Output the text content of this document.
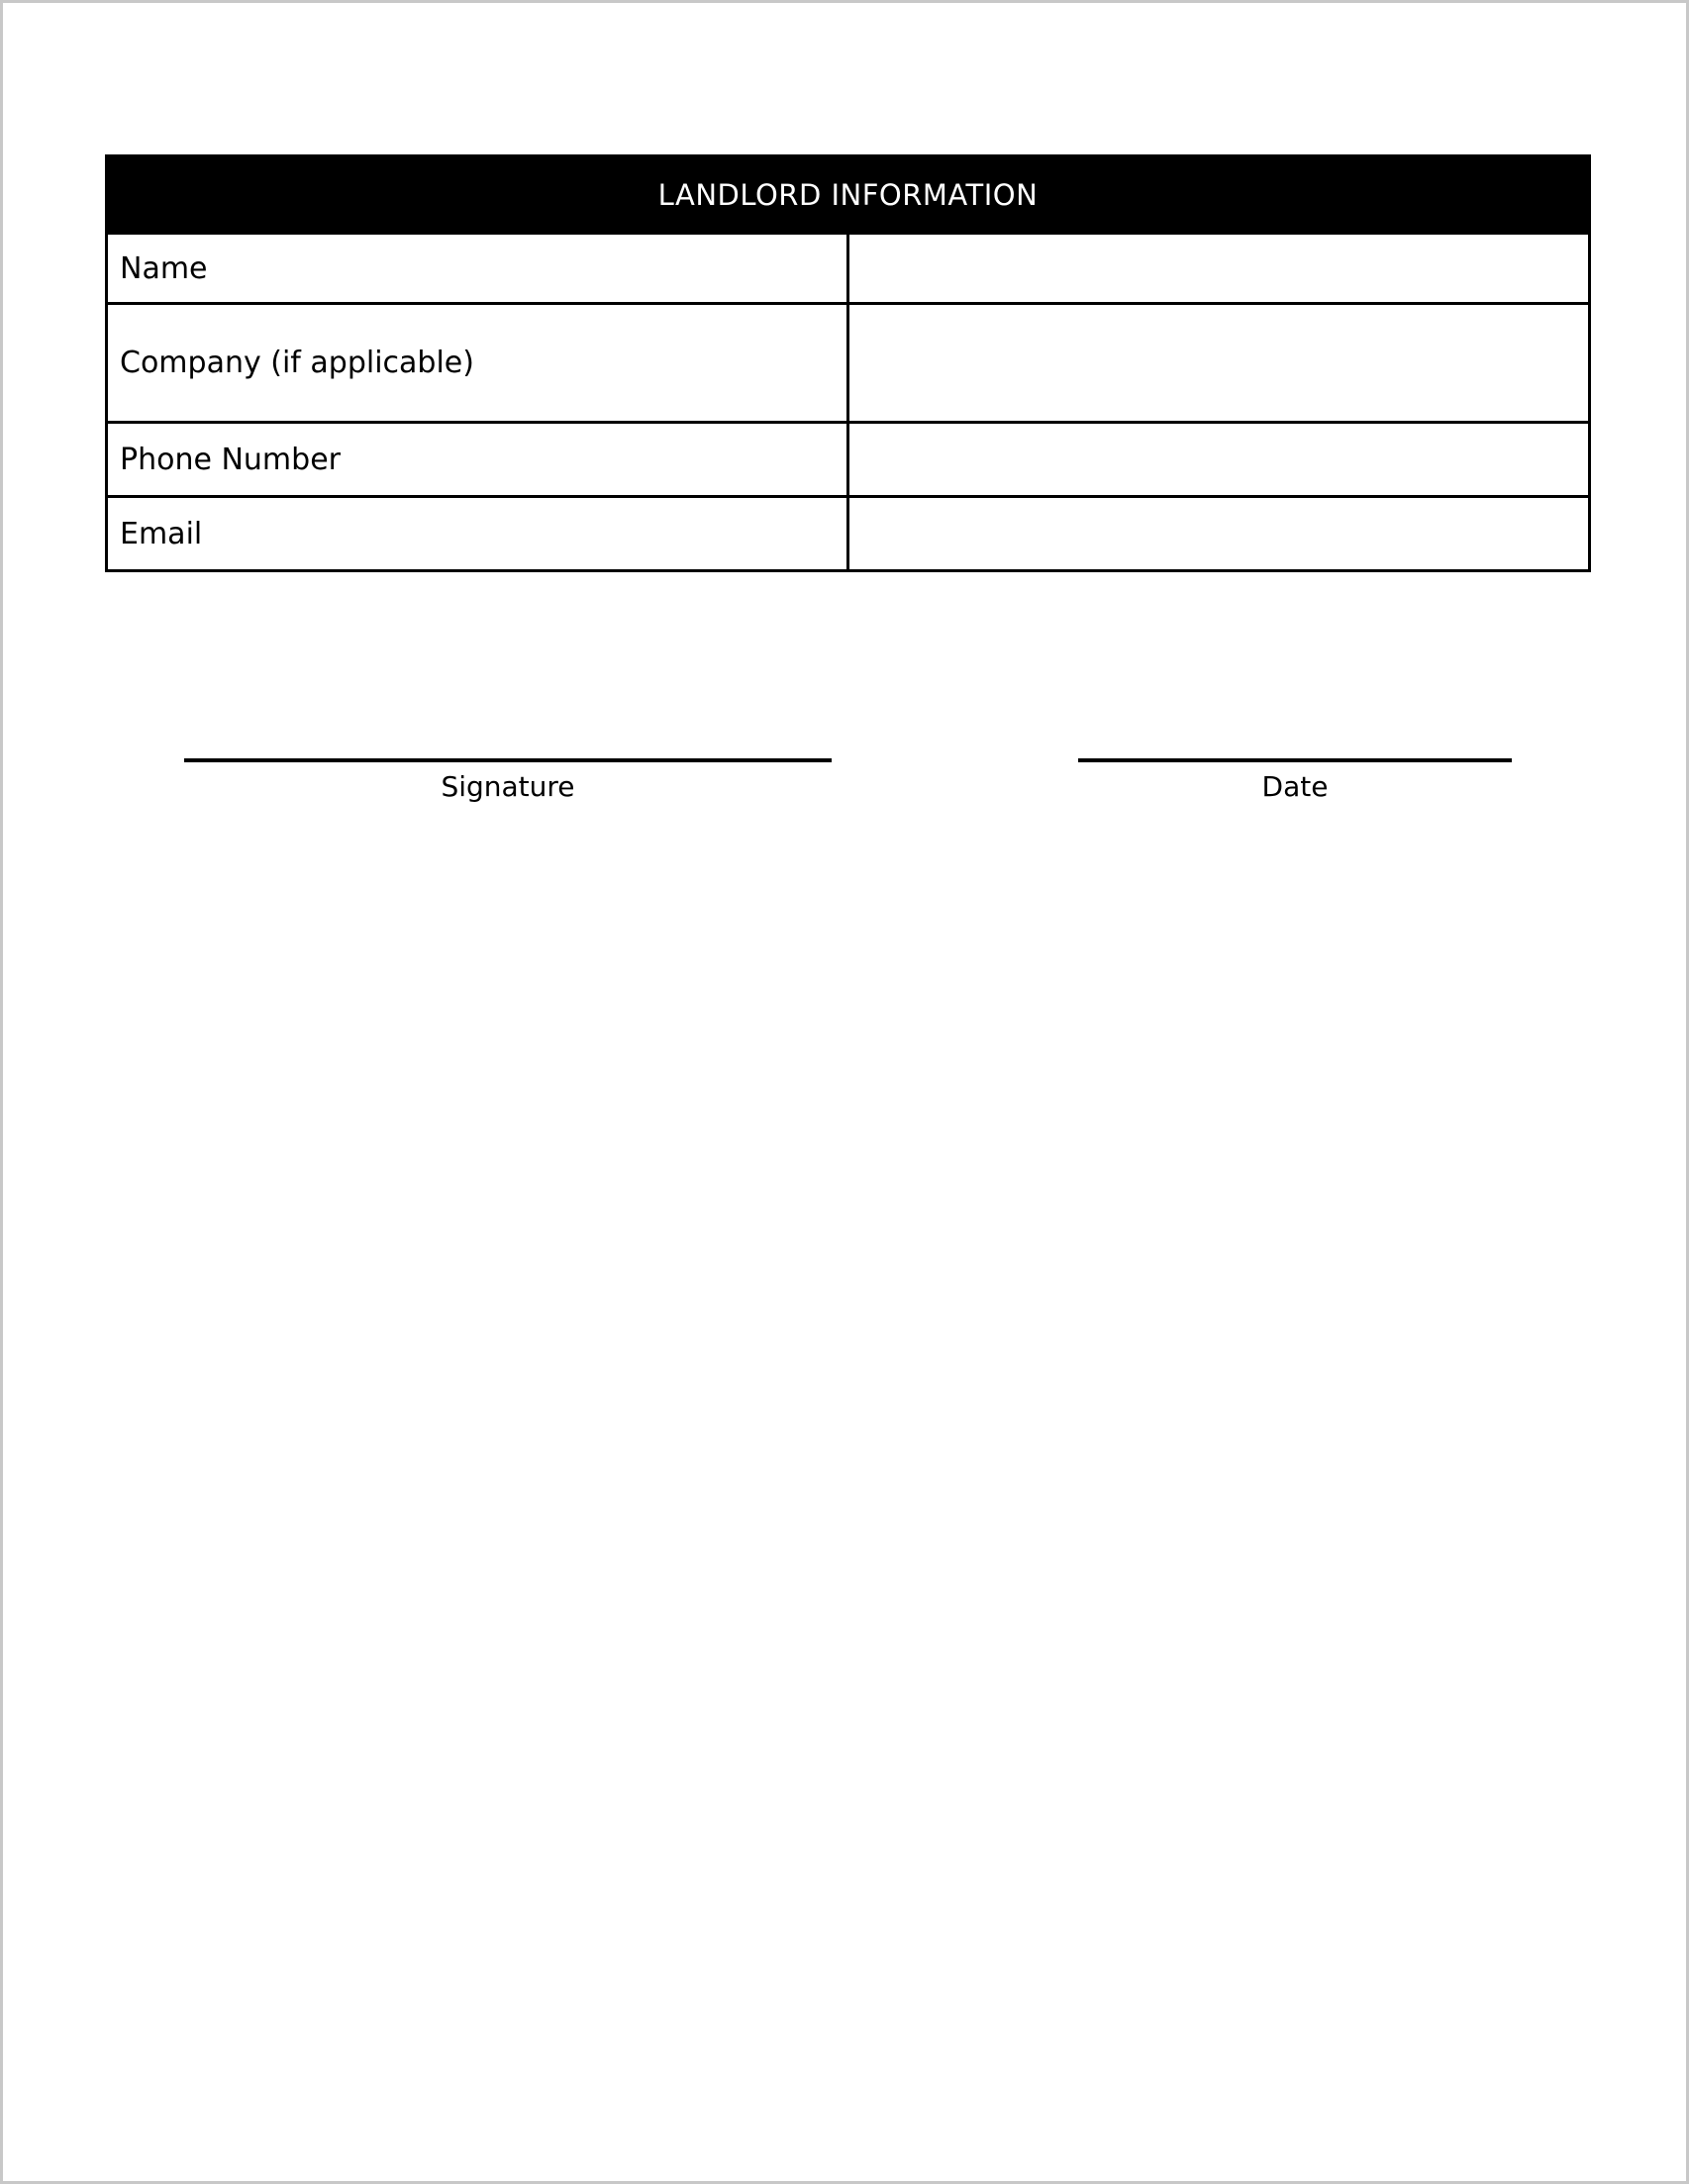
LANDLORD INFORMATION	
Name	
Company (if applicable)	
Phone Number	
Email	
Signature	Date
